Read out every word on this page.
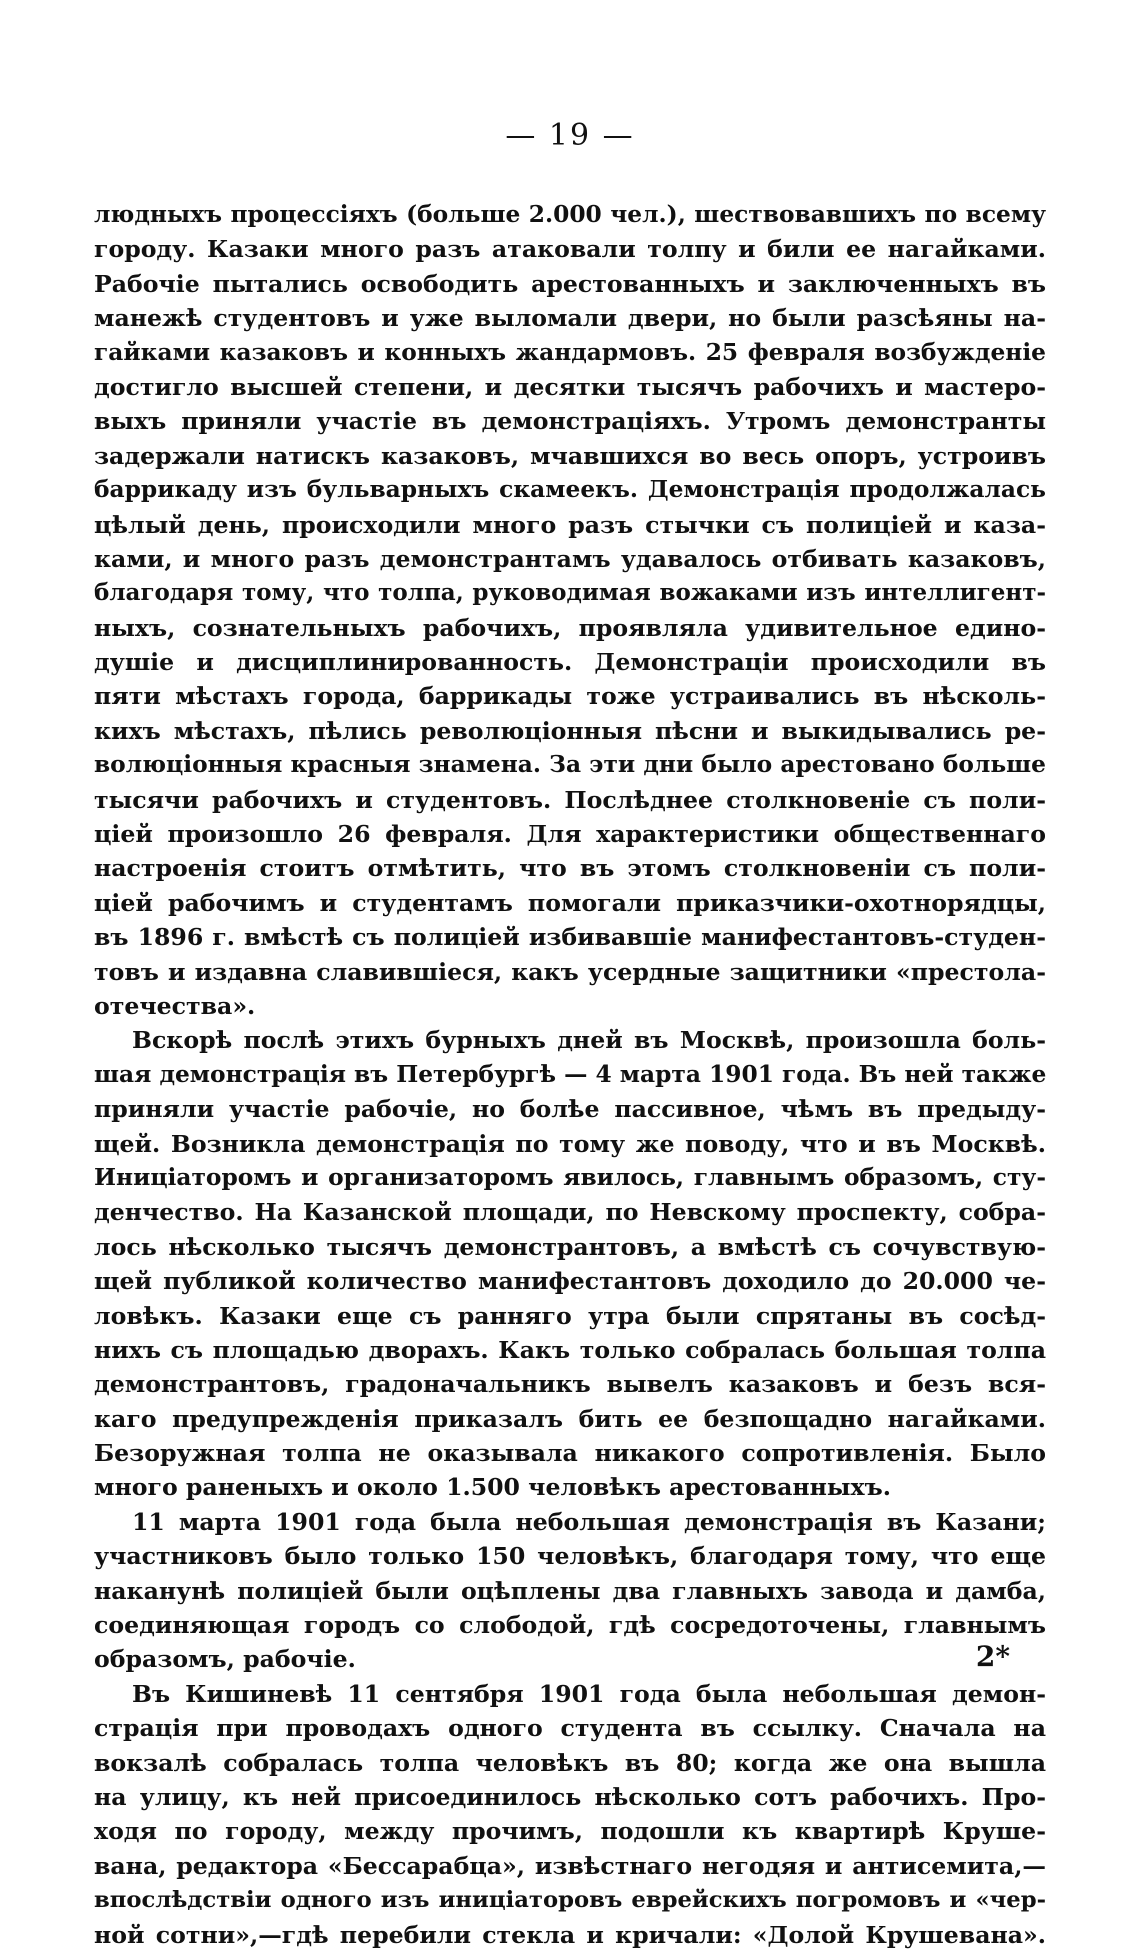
— 19 —
людныхъ процессіяхъ (больше 2.000 чел.), шествовавшихъ по всему
городу. Казаки много разъ атаковали толпу и били ее нагайками.
Рабочіе пытались освободить арестованныхъ и заключенныхъ въ
манежѣ студентовъ и уже выломали двери, но были разсѣяны на-
гайками казаковъ и конныхъ жандармовъ. 25 февраля возбужденіе
достигло высшей степени, и десятки тысячъ рабочихъ и мастеро-
выхъ приняли участіе въ демонстраціяхъ. Утромъ демонстранты
задержали натискъ казаковъ, мчавшихся во весь опоръ, устроивъ
баррикаду изъ бульварныхъ скамеекъ. Демонстрація продолжалась
цѣлый день, происходили много разъ стычки съ полиціей и каза-
ками, и много разъ демонстрантамъ удавалось отбивать казаковъ,
благодаря тому, что толпа, руководимая вожаками изъ интеллигент-
ныхъ, сознательныхъ рабочихъ, проявляла удивительное едино-
душіе и дисциплинированность. Демонстраціи происходили въ
пяти мѣстахъ города, баррикады тоже устраивались въ нѣсколь-
кихъ мѣстахъ, пѣлись революціонныя пѣсни и выкидывались ре-
волюціонныя красныя знамена. За эти дни было арестовано больше
тысячи рабочихъ и студентовъ. Послѣднее столкновеніе съ поли-
ціей произошло 26 февраля. Для характеристики общественнаго
настроенія стоитъ отмѣтить, что въ этомъ столкновеніи съ поли-
ціей рабочимъ и студентамъ помогали приказчики-охотнорядцы,
въ 1896 г. вмѣстѣ съ полиціей избивавшіе манифестантовъ-студен-
товъ и издавна славившіеся, какъ усердные защитники «престола-
отечества».
Вскорѣ послѣ этихъ бурныхъ дней въ Москвѣ, произошла боль-
шая демонстрація въ Петербургѣ — 4 марта 1901 года. Въ ней также
приняли участіе рабочіе, но болѣе пассивное, чѣмъ въ предыду-
щей. Возникла демонстрація по тому же поводу, что и въ Москвѣ.
Иниціаторомъ и организаторомъ явилось, главнымъ образомъ, сту-
денчество. На Казанской площади, по Невскому проспекту, собра-
лось нѣсколько тысячъ демонстрантовъ, а вмѣстѣ съ сочувствую-
щей публикой количество манифестантовъ доходило до 20.000 че-
ловѣкъ. Казаки еще съ ранняго утра были спрятаны въ сосѣд-
нихъ съ площадью дворахъ. Какъ только собралась большая толпа
демонстрантовъ, градоначальникъ вывелъ казаковъ и безъ вся-
каго предупрежденія приказалъ бить ее безпощадно нагайками.
Безоружная толпа не оказывала никакого сопротивленія. Было
много раненыхъ и около 1.500 человѣкъ арестованныхъ.
11 марта 1901 года была небольшая демонстрація въ Казани;
участниковъ было только 150 человѣкъ, благодаря тому, что еще
наканунѣ полиціей были оцѣплены два главныхъ завода и дамба,
соединяющая городъ со слободой, гдѣ сосредоточены, главнымъ
образомъ, рабочіе.
Въ Кишиневѣ 11 сентября 1901 года была небольшая демон-
страція при проводахъ одного студента въ ссылку. Сначала на
вокзалѣ собралась толпа человѣкъ въ 80; когда же она вышла
на улицу, къ ней присоединилось нѣсколько сотъ рабочихъ. Про-
ходя по городу, между прочимъ, подошли къ квартирѣ Круше-
вана, редактора «Бессарабца», извѣстнаго негодяя и антисемита,—
впослѣдствіи одного изъ иниціаторовъ еврейскихъ погромовъ и «чер-
ной сотни»,—гдѣ перебили стекла и кричали: «Долой Крушевана».
2*
